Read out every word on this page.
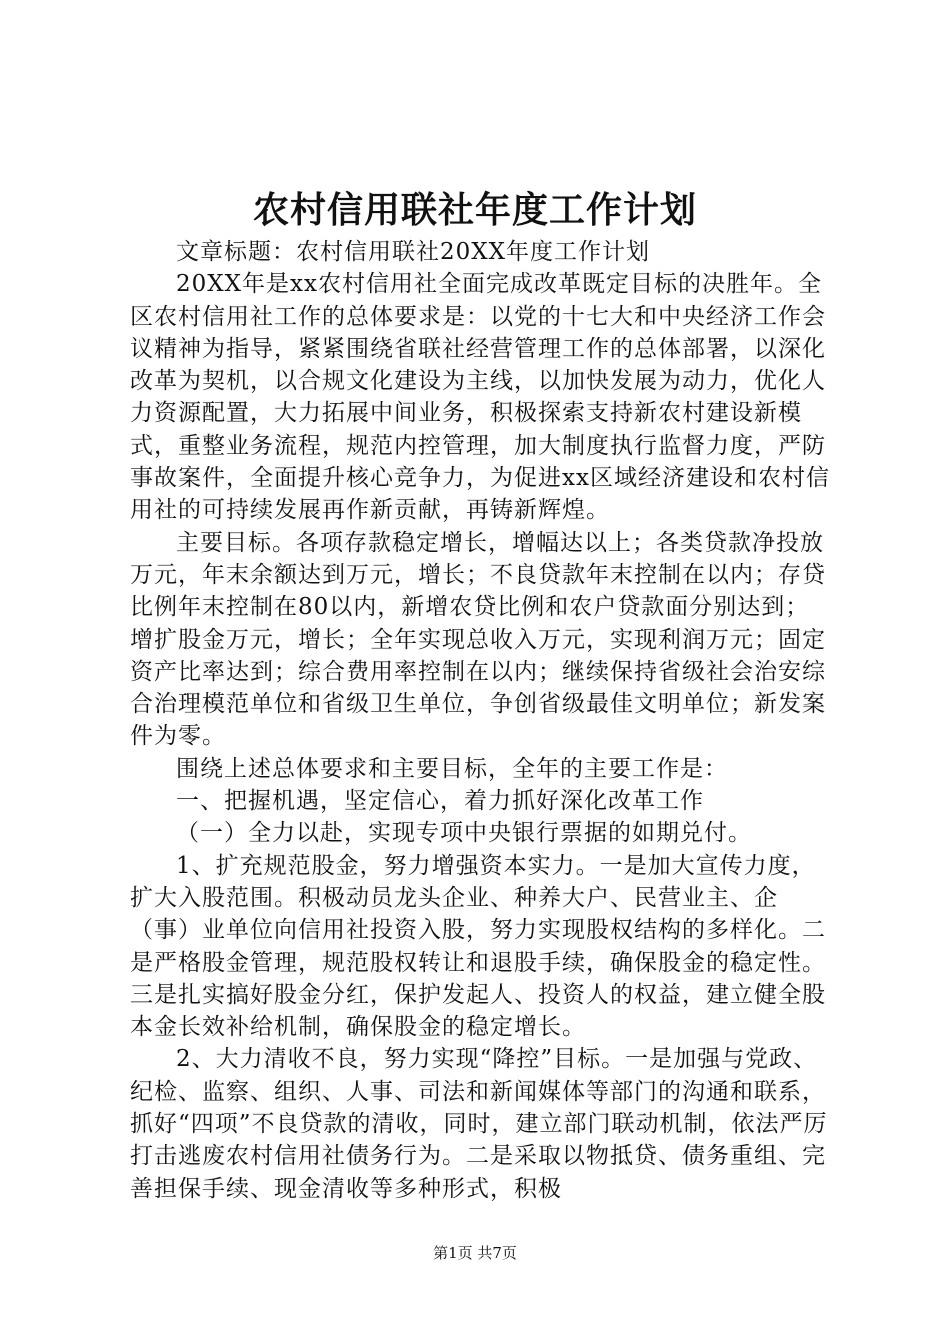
农村信用联社年度工作计划

文章标题：农村信用联社20XX年度工作计划

20XX年是xx农村信用社全面完成改革既定目标的决胜年。全区农村信用社工作的总体要求是：以党的十七大和中央经济工作会议精神为指导，紧紧围绕省联社经营管理工作的总体部署，以深化改革为契机，以合规文化建设为主线，以加快发展为动力，优化人力资源配置，大力拓展中间业务，积极探索支持新农村建设新模式，重整业务流程，规范内控管理，加大制度执行监督力度，严防事故案件，全面提升核心竞争力，为促进xx区域经济建设和农村信用社的可持续发展再作新贡献，再铸新辉煌。

主要目标。各项存款稳定增长，增幅达以上；各类贷款净投放万元，年末余额达到万元，增长；不良贷款年末控制在以内；存贷比例年末控制在80以内，新增农贷比例和农户贷款面分别达到；增扩股金万元，增长；全年实现总收入万元，实现利润万元；固定资产比率达到；综合费用率控制在以内；继续保持省级社会治安综合治理模范单位和省级卫生单位，争创省级最佳文明单位；新发案件为零。

围绕上述总体要求和主要目标，全年的主要工作是：

一、把握机遇，坚定信心，着力抓好深化改革工作

（一）全力以赴，实现专项中央银行票据的如期兑付。

1、扩充规范股金，努力增强资本实力。一是加大宣传力度，扩大入股范围。积极动员龙头企业、种养大户、民营业主、企（事）业单位向信用社投资入股，努力实现股权结构的多样化。二是严格股金管理，规范股权转让和退股手续，确保股金的稳定性。三是扎实搞好股金分红，保护发起人、投资人的权益，建立健全股本金长效补给机制，确保股金的稳定增长。

2、大力清收不良，努力实现“降控”目标。一是加强与党政、纪检、监察、组织、人事、司法和新闻媒体等部门的沟通和联系，抓好“四项”不良贷款的清收，同时，建立部门联动机制，依法严厉打击逃废农村信用社债务行为。二是采取以物抵贷、债务重组、完善担保手续、现金清收等多种形式，积极

第1页 共7页
